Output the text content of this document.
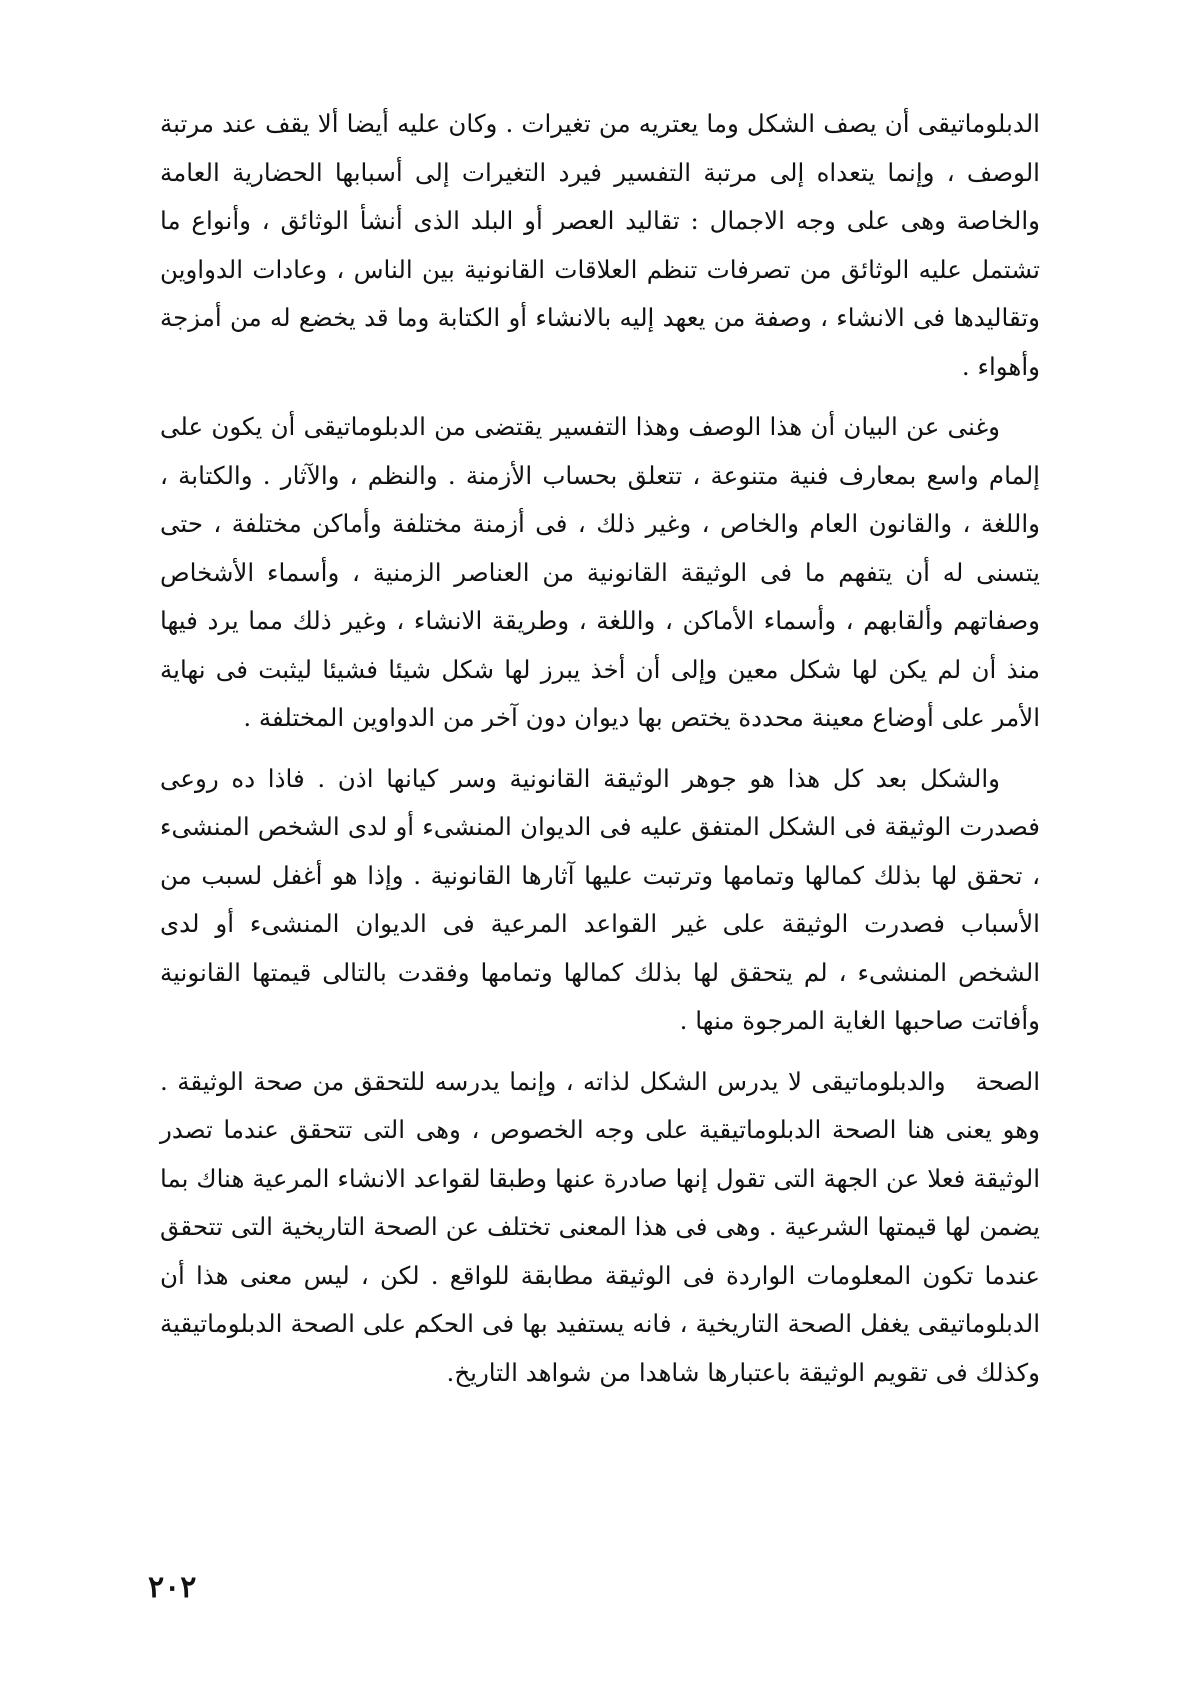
الدبلوماتيقى أن يصف الشكل وما يعتريه من تغيرات . وكان عليه أيضا ألا يقف عند مرتبة الوصف ، وإنما يتعداه إلى مرتبة التفسير فيرد التغيرات إلى أسبابها الحضارية العامة والخاصة وهى على وجه الاجمال : تقاليد العصر أو البلد الذى أنشأ الوثائق ، وأنواع ما تشتمل عليه الوثائق من تصرفات تنظم العلاقات القانونية بين الناس ، وعادات الدواوين وتقاليدها فى الانشاء ، وصفة من يعهد إليه بالانشاء أو الكتابة وما قد يخضع له من أمزجة وأهواء .

وغنى عن البيان أن هذا الوصف وهذا التفسير يقتضى من الدبلوماتيقى أن يكون على إلمام واسع بمعارف فنية متنوعة ، تتعلق بحساب الأزمنة . والنظم ، والآثار . والكتابة ، واللغة ، والقانون العام والخاص ، وغير ذلك ، فى أزمنة مختلفة وأماكن مختلفة ، حتى يتسنى له أن يتفهم ما فى الوثيقة القانونية من العناصر الزمنية ، وأسماء الأشخاص وصفاتهم وألقابهم ، وأسماء الأماكن ، واللغة ، وطريقة الانشاء ، وغير ذلك مما يرد فيها منذ أن لم يكن لها شكل معين وإلى أن أخذ يبرز لها شكل شيئا فشيئا ليثبت فى نهاية الأمر على أوضاع معينة محددة يختص بها ديوان دون آخر من الدواوين المختلفة .

والشكل بعد كل هذا هو جوهر الوثيقة القانونية وسر كيانها اذن . فاذا ده روعى فصدرت الوثيقة فى الشكل المتفق عليه فى الديوان المنشىء أو لدى الشخص المنشىء ، تحقق لها بذلك كمالها وتمامها وترتبت عليها آثارها القانونية . وإذا هو أغفل لسبب من الأسباب فصدرت الوثيقة على غير القواعد المرعية فى الديوان المنشىء أو لدى الشخص المنشىء ، لم يتحقق لها بذلك كمالها وتمامها وفقدت بالتالى قيمتها القانونية وأفاتت صاحبها الغاية المرجوة منها .

الصحةوالدبلوماتيقى لا يدرس الشكل لذاته ، وإنما يدرسه للتحقق من صحة الوثيقة . وهو يعنى هنا الصحة الدبلوماتيقية على وجه الخصوص ، وهى التى تتحقق عندما تصدر الوثيقة فعلا عن الجهة التى تقول إنها صادرة عنها وطبقا لقواعد الانشاء المرعية هناك بما يضمن لها قيمتها الشرعية . وهى فى هذا المعنى تختلف عن الصحة التاريخية التى تتحقق عندما تكون المعلومات الواردة فى الوثيقة مطابقة للواقع . لكن ، ليس معنى هذا أن الدبلوماتيقى يغفل الصحة التاريخية ، فانه يستفيد بها فى الحكم على الصحة الدبلوماتيقية وكذلك فى تقويم الوثيقة باعتبارها شاهدا من شواهد التاريخ.

٢٠٢
